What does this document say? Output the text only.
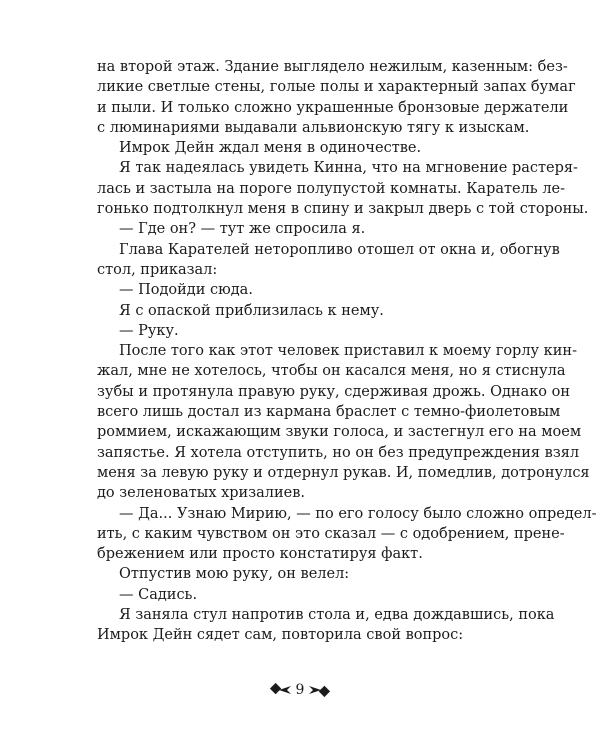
на второй этаж. Здание выглядело нежилым, казенным: без-
ликие светлые стены, голые полы и характерный запах бумаг
и пыли. И только сложно украшенные бронзовые держатели
с люминариями выдавали альвионскую тягу к изыскам.
Имрок Дейн ждал меня в одиночестве.
Я так надеялась увидеть Кинна, что на мгновение растеря-
лась и застыла на пороге полупустой комнаты. Каратель ле-
гонько подтолкнул меня в спину и закрыл дверь с той стороны.
— Где он? — тут же спросила я.
Глава Карателей неторопливо отошел от окна и, обогнув
стол, приказал:
— Подойди сюда.
Я с опаской приблизилась к нему.
— Руку.
После того как этот человек приставил к моему горлу кин-
жал, мне не хотелось, чтобы он касался меня, но я стиснула
зубы и протянула правую руку, сдерживая дрожь. Однако он
всего лишь достал из кармана браслет с темно-фиолетовым
роммием, искажающим звуки голоса, и застегнул его на моем
запястье. Я хотела отступить, но он без предупреждения взял
меня за левую руку и отдернул рукав. И, помедлив, дотронулся
до зеленоватых хризалиев.
— Да... Узнаю Мирию, — по его голосу было сложно определ-
ить, с каким чувством он это сказал — с одобрением, прене-
брежением или просто констатируя факт.
Отпустив мою руку, он велел:
— Садись.
Я заняла стул напротив стола и, едва дождавшись, пока
Имрок Дейн сядет сам, повторила свой вопрос:
9
